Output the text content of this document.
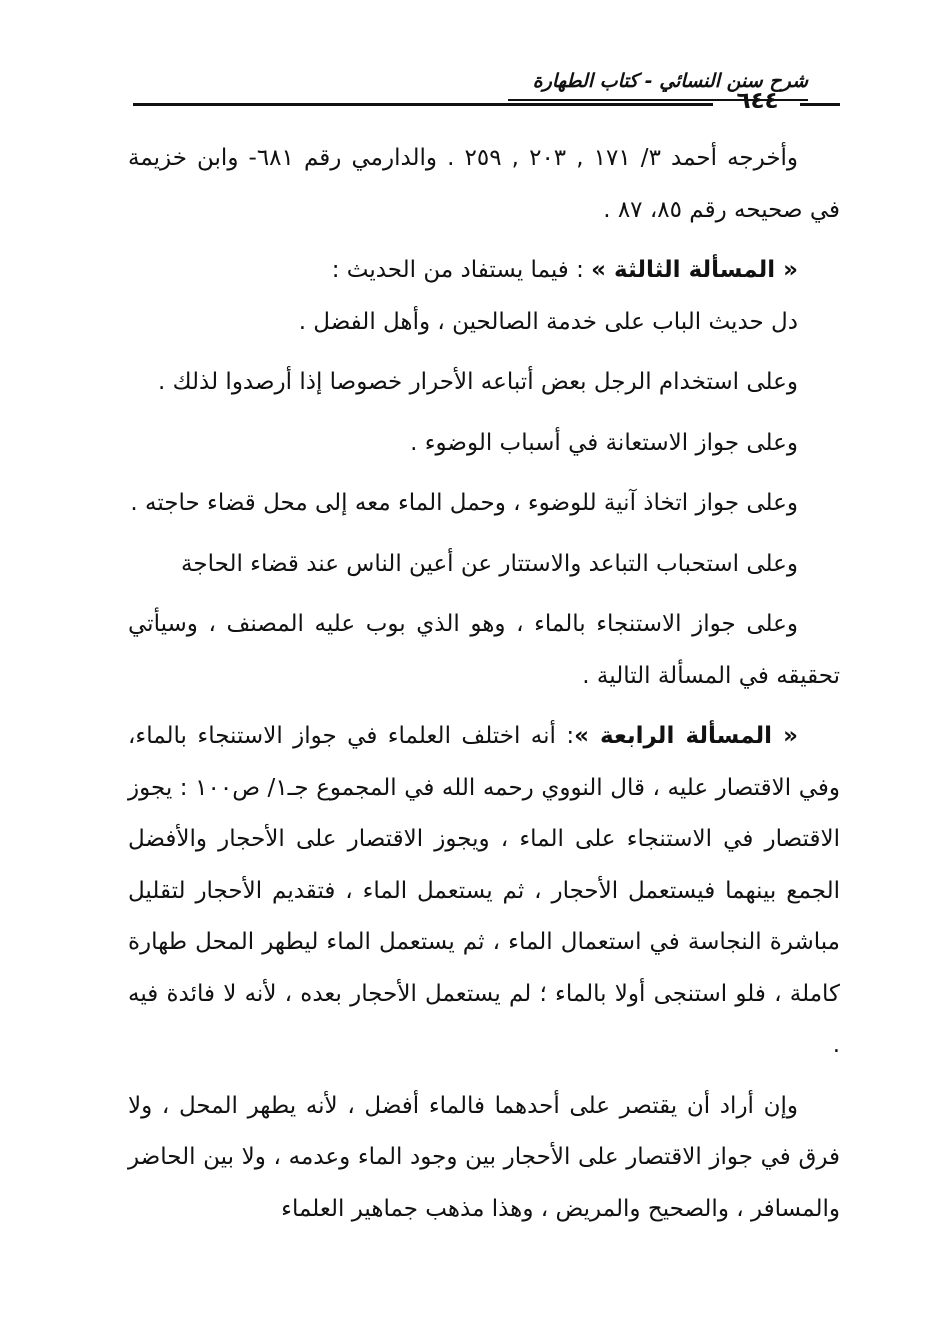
شرح سنن النسائي - كتاب الطهارة
٦٤٤

وأخرجه أحمد ٣/ ١٧١ , ٢٠٣ , ٢٥٩ . والدارمي رقم ٦٨١- وابن خزيمة في صحيحه رقم ٨٥، ٨٧ .

« المسألة الثالثة » : فيما يستفاد من الحديث :

دل حديث الباب على خدمة الصالحين ، وأهل الفضل .

وعلى استخدام الرجل بعض أتباعه الأحرار خصوصا إذا أرصدوا لذلك .

وعلى جواز الاستعانة في أسباب الوضوء .

وعلى جواز اتخاذ آنية للوضوء ، وحمل الماء معه إلى محل قضاء حاجته .

وعلى استحباب التباعد والاستتار عن أعين الناس عند قضاء الحاجة

وعلى جواز الاستنجاء بالماء ، وهو الذي بوب عليه المصنف ، وسيأتي تحقيقه في المسألة التالية .

« المسألة الرابعة »: أنه اختلف العلماء في جواز الاستنجاء بالماء، وفي الاقتصار عليه ، قال النووي رحمه الله في المجموع جـ١/ ص١٠٠ : يجوز الاقتصار في الاستنجاء على الماء ، ويجوز الاقتصار على الأحجار والأفضل الجمع بينهما فيستعمل الأحجار ، ثم يستعمل الماء ، فتقديم الأحجار لتقليل مباشرة النجاسة في استعمال الماء ، ثم يستعمل الماء ليطهر المحل طهارة كاملة ، فلو استنجى أولا بالماء ؛ لم يستعمل الأحجار بعده ، لأنه لا فائدة فيه .

وإن أراد أن يقتصر على أحدهما فالماء أفضل ، لأنه يطهر المحل ، ولا فرق في جواز الاقتصار على الأحجار بين وجود الماء وعدمه ، ولا بين الحاضر والمسافر ، والصحيح والمريض ، وهذا مذهب جماهير العلماء
